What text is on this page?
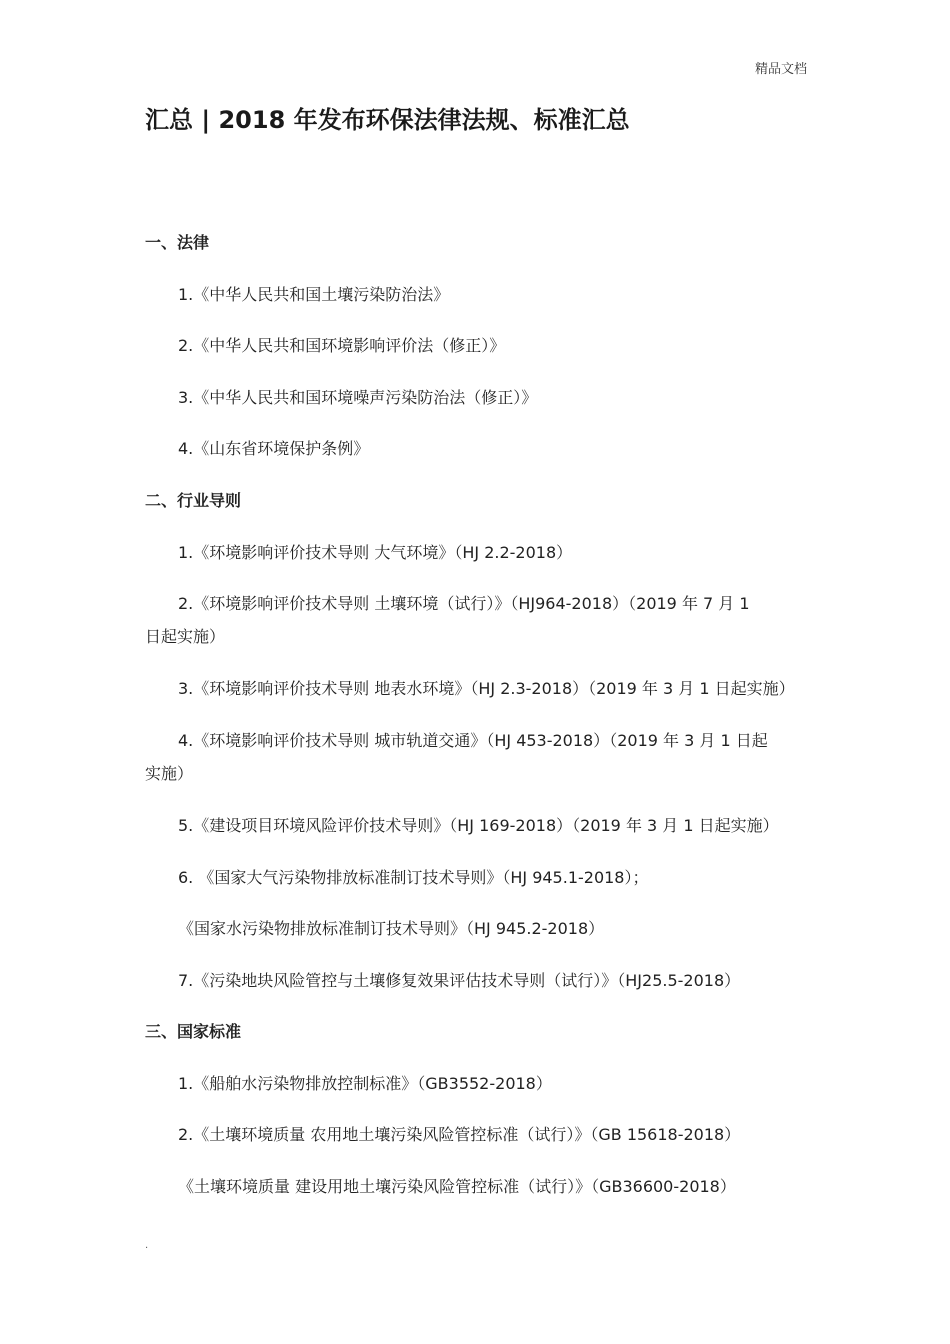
精品文档
汇总 | 2018 年发布环保法律法规、标准汇总
一、法律
1.《中华人民共和国土壤污染防治法》
2.《中华人民共和国环境影响评价法（修正）》
3.《中华人民共和国环境噪声污染防治法（修正）》
4.《山东省环境保护条例》
二、行业导则
1.《环境影响评价技术导则 大气环境》（HJ 2.2-2018）
2.《环境影响评价技术导则 土壤环境（试行）》（HJ964-2018）（2019 年 7 月 1
日起实施）
3.《环境影响评价技术导则 地表水环境》（HJ 2.3-2018）（2019 年 3 月 1 日起实施）
4.《环境影响评价技术导则 城市轨道交通》（HJ 453-2018）（2019 年 3 月 1 日起
实施）
5.《建设项目环境风险评价技术导则》（HJ 169-2018）（2019 年 3 月 1 日起实施）
6. 《国家大气污染物排放标准制订技术导则》（HJ 945.1-2018）；
《国家水污染物排放标准制订技术导则》（HJ 945.2-2018）
7.《污染地块风险管控与土壤修复效果评估技术导则（试行）》（HJ25.5-2018）
三、国家标准
1.《船舶水污染物排放控制标准》（GB3552-2018）
2.《土壤环境质量 农用地土壤污染风险管控标准（试行）》（GB 15618-2018）
《土壤环境质量 建设用地土壤污染风险管控标准（试行）》（GB36600-2018）
.
